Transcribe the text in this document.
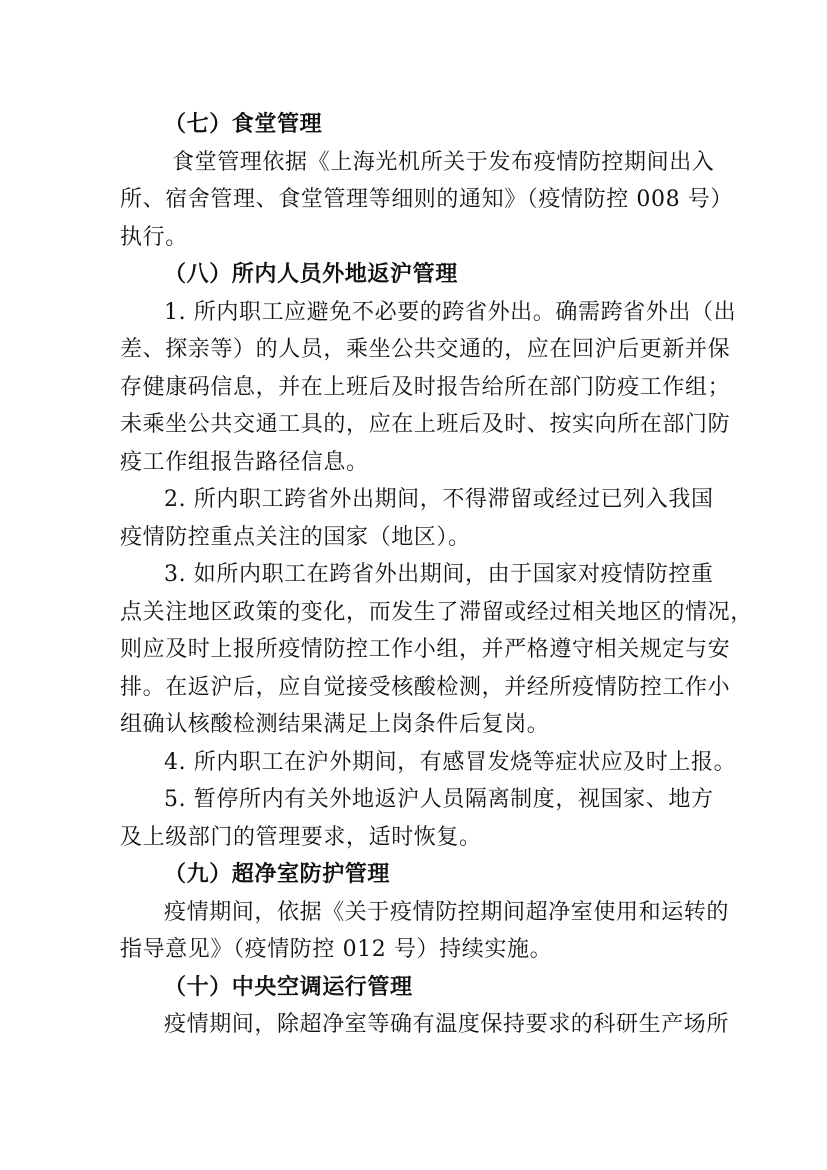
（七）食堂管理
食堂管理依据《上海光机所关于发布疫情防控期间出入
所、宿舍管理、食堂管理等细则的通知》（疫情防控 008 号）
执行。
（八）所内人员外地返沪管理
1. 所内职工应避免不必要的跨省外出。确需跨省外出（出
差、探亲等）的人员，乘坐公共交通的，应在回沪后更新并保
存健康码信息，并在上班后及时报告给所在部门防疫工作组；
未乘坐公共交通工具的，应在上班后及时、按实向所在部门防
疫工作组报告路径信息。
2. 所内职工跨省外出期间，不得滞留或经过已列入我国
疫情防控重点关注的国家（地区）。
3. 如所内职工在跨省外出期间，由于国家对疫情防控重
点关注地区政策的变化，而发生了滞留或经过相关地区的情况，
则应及时上报所疫情防控工作小组，并严格遵守相关规定与安
排。在返沪后，应自觉接受核酸检测，并经所疫情防控工作小
组确认核酸检测结果满足上岗条件后复岗。
4. 所内职工在沪外期间，有感冒发烧等症状应及时上报。
5. 暂停所内有关外地返沪人员隔离制度，视国家、地方
及上级部门的管理要求，适时恢复。
（九）超净室防护管理
疫情期间，依据《关于疫情防控期间超净室使用和运转的
指导意见》（疫情防控 012 号）持续实施。
（十）中央空调运行管理
疫情期间，除超净室等确有温度保持要求的科研生产场所
